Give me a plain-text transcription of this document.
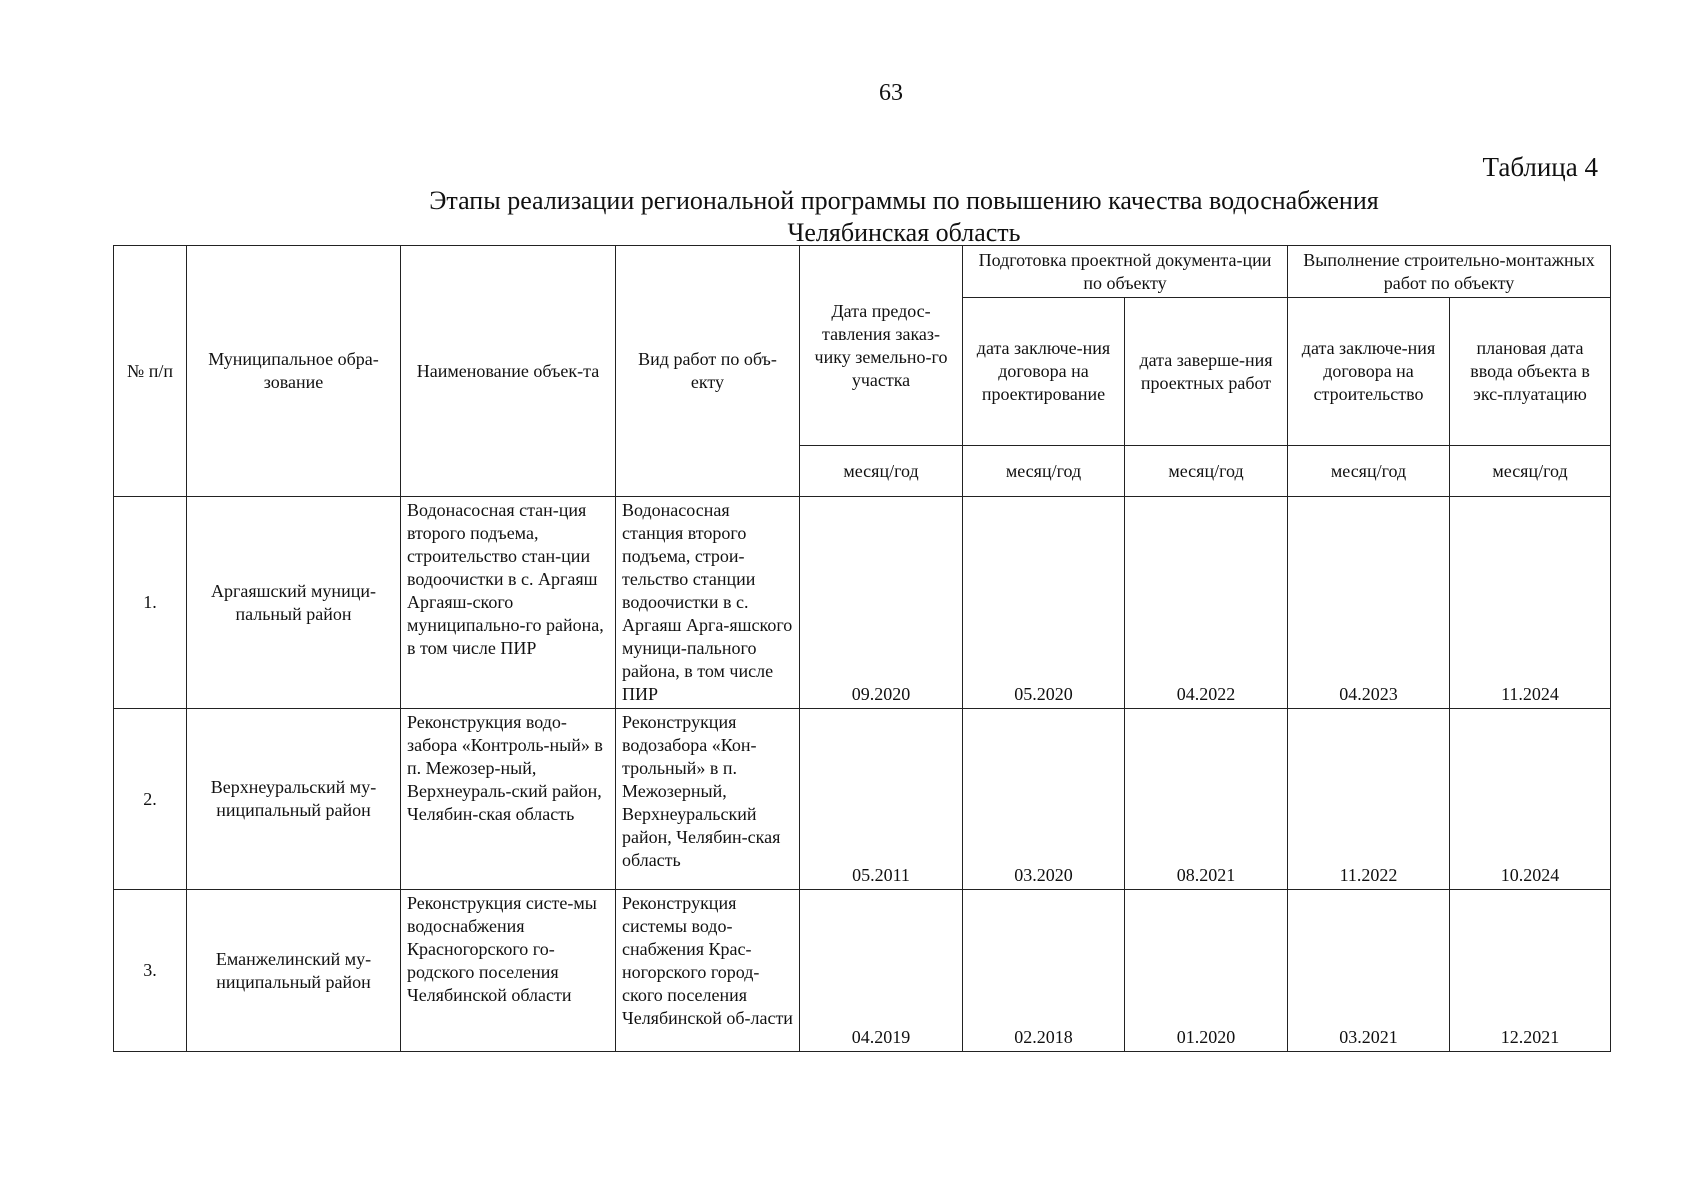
63
Таблица 4
Этапы реализации региональной программы по повышению качества водоснабжения
Челябинская область
№ п/п	Муниципальное обра-зование	Наименование объек-та	Вид работ по объ-екту	Дата предос-тавления заказ-чику земельно-го участка	Подготовка проектной документа-ции по объекту		Выполнение строительно-монтажных работ по объекту	
					дата заключе-ния договора на проектирование	дата заверше-ния проектных работ	дата заключе-ния договора на строительство	плановая дата ввода объекта в экс-плуатацию
				месяц/год	месяц/год	месяц/год	месяц/год	месяц/год
1.	Аргаяшский муници-пальный район	Водонасосная стан-ция второго подъема, строительство стан-ции водоочистки в с. Аргаяш Аргаяш-ского муниципально-го района, в том числе ПИР	Водонасосная станция второго подъема, строи-тельство станции водоочистки в с. Аргаяш Арга-яшского муници-пального района, в том числе ПИР	09.2020	05.2020	04.2022	04.2023	11.2024
2.	Верхнеуральский му-ниципальный район	Реконструкция водо-забора «Контроль-ный» в п. Межозер-ный, Верхнеураль-ский район, Челябин-ская область	Реконструкция водозабора «Кон-трольный» в п. Межозерный, Верхнеуральский район, Челябин-ская область	05.2011	03.2020	08.2021	11.2022	10.2024
3.	Еманжелинский му-ниципальный район	Реконструкция систе-мы водоснабжения Красногорского го-родского поселения Челябинской области	Реконструкция системы водо-снабжения Крас-ногорского город-ского поселения Челябинской об-ласти	04.2019	02.2018	01.2020	03.2021	12.2021
